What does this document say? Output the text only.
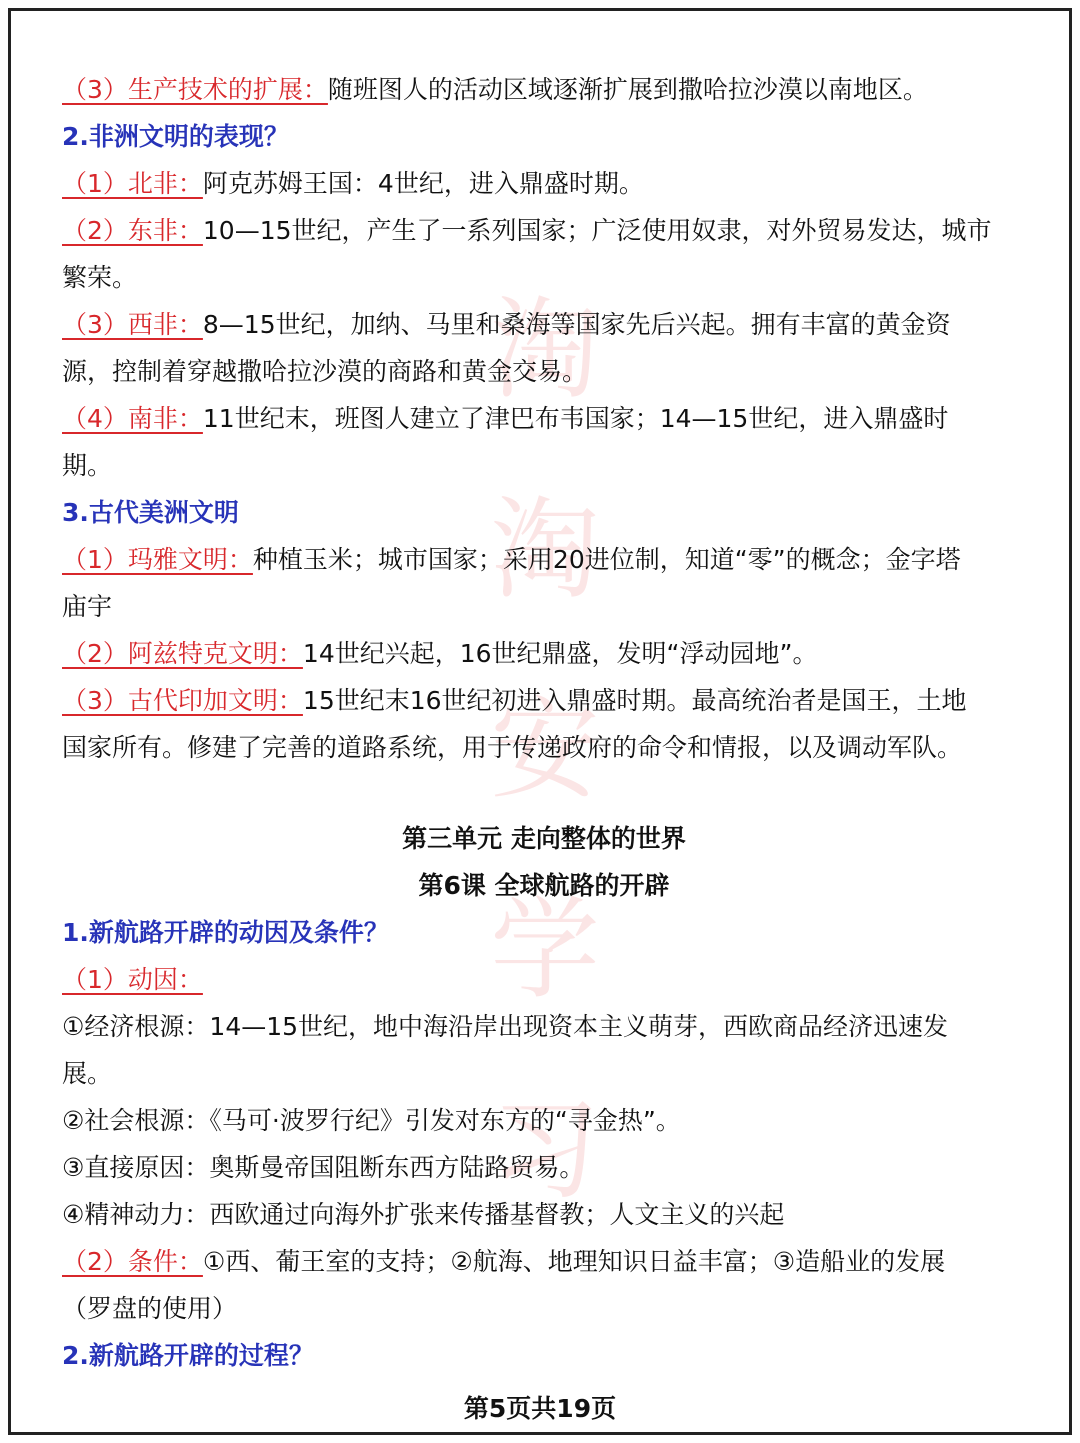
淘
淘
安
学
习

（3）生产技术的扩展：随班图人的活动区域逐渐扩展到撒哈拉沙漠以南地区。

2.非洲文明的表现？

（1）北非：阿克苏姆王国：4世纪，进入鼎盛时期。

（2）东非：10—15世纪，产生了一系列国家；广泛使用奴隶，对外贸易发达，城市

繁荣。

（3）西非：8—15世纪，加纳、马里和桑海等国家先后兴起。拥有丰富的黄金资

源，控制着穿越撒哈拉沙漠的商路和黄金交易。

（4）南非：11世纪末，班图人建立了津巴布韦国家；14—15世纪，进入鼎盛时

期。

3.古代美洲文明

（1）玛雅文明：种植玉米；城市国家；采用20进位制，知道“零”的概念；金字塔

庙宇

（2）阿兹特克文明：14世纪兴起，16世纪鼎盛，发明“浮动园地”。

（3）古代印加文明：15世纪末16世纪初进入鼎盛时期。最高统治者是国王，土地

国家所有。修建了完善的道路系统，用于传递政府的命令和情报，以及调动军队。

第三单元 走向整体的世界

第6课 全球航路的开辟

1.新航路开辟的动因及条件？

（1）动因：

①经济根源：14—15世纪，地中海沿岸出现资本主义萌芽，西欧商品经济迅速发

展。

②社会根源：《马可·波罗行纪》引发对东方的“寻金热”。

③直接原因：奥斯曼帝国阻断东西方陆路贸易。

④精神动力：西欧通过向海外扩张来传播基督教；人文主义的兴起

（2）条件：①西、葡王室的支持；②航海、地理知识日益丰富；③造船业的发展

（罗盘的使用）

2.新航路开辟的过程？

第5页共19页
